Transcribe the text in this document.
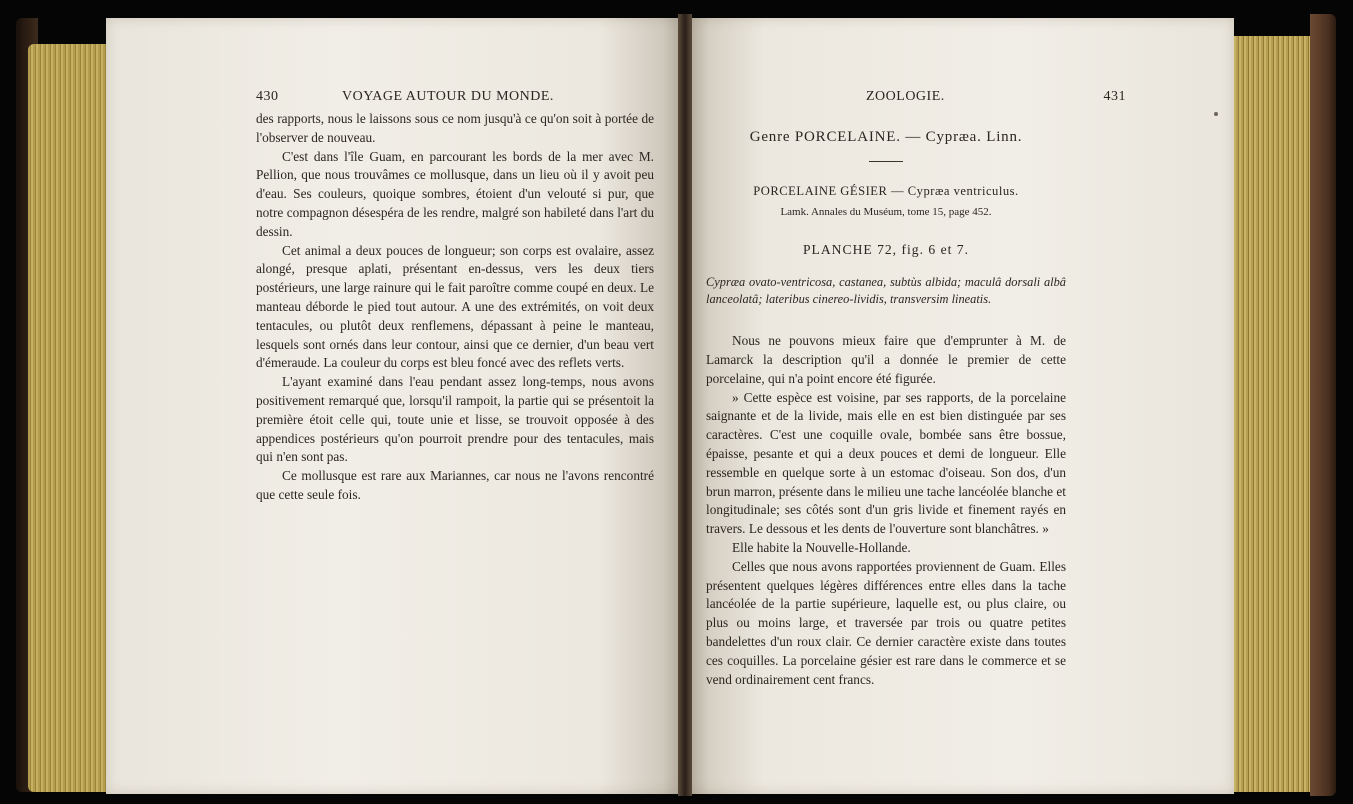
430	VOYAGE AUTOUR DU MONDE.

des rapports, nous le laissons sous ce nom jusqu'à ce qu'on soit à portée de l'observer de nouveau.

C'est dans l'île Guam, en parcourant les bords de la mer avec M. Pellion, que nous trouvâmes ce mollusque, dans un lieu où il y avoit peu d'eau. Ses couleurs, quoique sombres, étoient d'un velouté si pur, que notre compagnon désespéra de les rendre, malgré son habileté dans l'art du dessin.

Cet animal a deux pouces de longueur; son corps est ovalaire, assez alongé, presque aplati, présentant en-dessus, vers les deux tiers postérieurs, une large rainure qui le fait paroître comme coupé en deux. Le manteau déborde le pied tout autour. A une des extrémités, on voit deux tentacules, ou plutôt deux renflemens, dépassant à peine le manteau, lesquels sont ornés dans leur contour, ainsi que ce dernier, d'un beau vert d'émeraude. La couleur du corps est bleu foncé avec des reflets verts.

L'ayant examiné dans l'eau pendant assez long-temps, nous avons positivement remarqué que, lorsqu'il rampoit, la partie qui se présentoit la première étoit celle qui, toute unie et lisse, se trouvoit opposée à des appendices postérieurs qu'on pourroit prendre pour des tentacules, mais qui n'en sont pas.

Ce mollusque est rare aux Mariannes, car nous ne l'avons rencontré que cette seule fois.

ZOOLOGIE.	431
Genre PORCELAINE. — Cypræa. Linn.
PORCELAINE GÉSIER — Cypræa ventriculus.
Lamk. Annales du Muséum, tome 15, page 452.
PLANCHE 72, fig. 6 et 7.

Cypræa ovato-ventricosa, castanea, subtùs albida; maculâ dorsali albâ lanceolatâ; lateribus cinereo-lividis, transversim lineatis.

Nous ne pouvons mieux faire que d'emprunter à M. de Lamarck la description qu'il a donnée le premier de cette porcelaine, qui n'a point encore été figurée.

» Cette espèce est voisine, par ses rapports, de la porcelaine saignante et de la livide, mais elle en est bien distinguée par ses caractères. C'est une coquille ovale, bombée sans être bossue, épaisse, pesante et qui a deux pouces et demi de longueur. Elle ressemble en quelque sorte à un estomac d'oiseau. Son dos, d'un brun marron, présente dans le milieu une tache lancéolée blanche et longitudinale; ses côtés sont d'un gris livide et finement rayés en travers. Le dessous et les dents de l'ouverture sont blanchâtres. »

Elle habite la Nouvelle-Hollande.

Celles que nous avons rapportées proviennent de Guam. Elles présentent quelques légères différences entre elles dans la tache lancéolée de la partie supérieure, laquelle est, ou plus claire, ou plus ou moins large, et traversée par trois ou quatre petites bandelettes d'un roux clair. Ce dernier caractère existe dans toutes ces coquilles. La porcelaine gésier est rare dans le commerce et se vend ordinairement cent francs.
